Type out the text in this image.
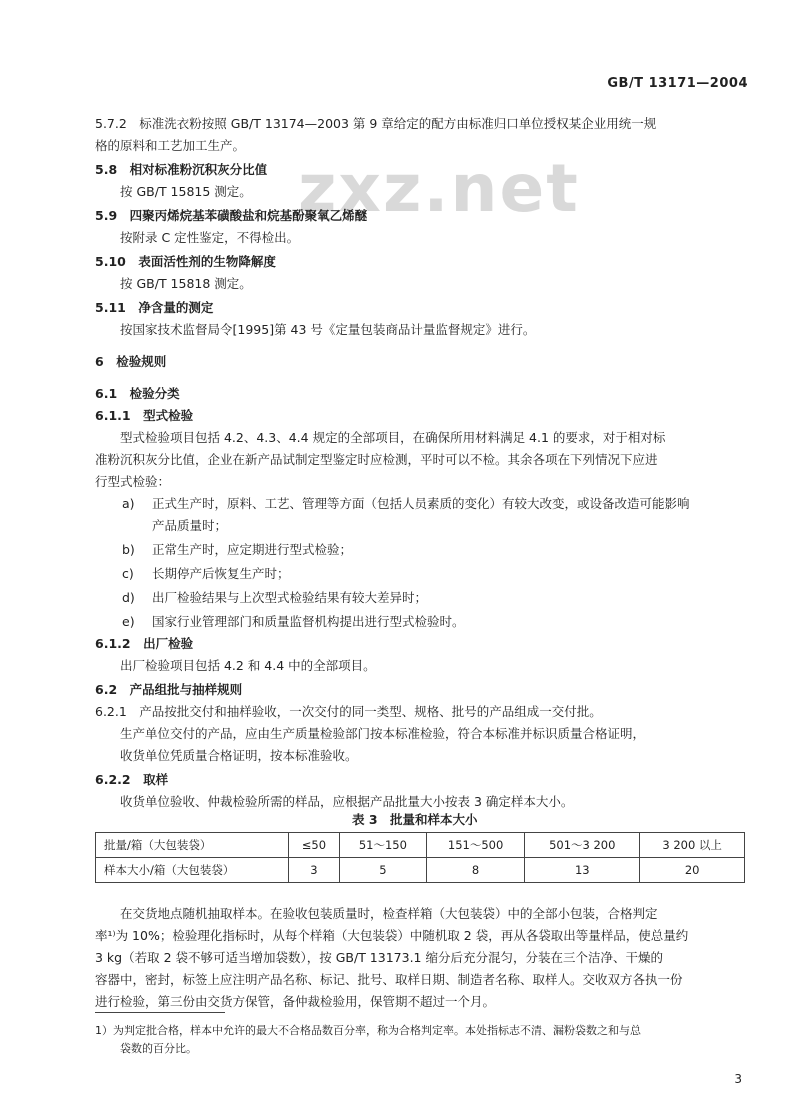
GB/T 13171—2004
zxz.net
5.7.2　标准洗衣粉按照 GB/T 13174—2003 第 9 章给定的配方由标准归口单位授权某企业用统一规
格的原料和工艺加工生产。
5.8　相对标准粉沉积灰分比值
按 GB/T 15815 测定。
5.9　四聚丙烯烷基苯磺酸盐和烷基酚聚氧乙烯醚
按附录 C 定性鉴定，不得检出。
5.10　表面活性剂的生物降解度
按 GB/T 15818 测定。
5.11　净含量的测定
按国家技术监督局令[1995]第 43 号《定量包装商品计量监督规定》进行。
6　检验规则
6.1　检验分类
6.1.1　型式检验
型式检验项目包括 4.2、4.3、4.4 规定的全部项目，在确保所用材料满足 4.1 的要求，对于相对标
准粉沉积灰分比值，企业在新产品试制定型鉴定时应检测，平时可以不检。其余各项在下列情况下应进
行型式检验：
a) 正式生产时，原料、工艺、管理等方面（包括人员素质的变化）有较大改变，或设备改造可能影响
产品质量时；
b) 正常生产时，应定期进行型式检验；
c) 长期停产后恢复生产时；
d) 出厂检验结果与上次型式检验结果有较大差异时；
e) 国家行业管理部门和质量监督机构提出进行型式检验时。
6.1.2　出厂检验
出厂检验项目包括 4.2 和 4.4 中的全部项目。
6.2　产品组批与抽样规则
6.2.1　产品按批交付和抽样验收，一次交付的同一类型、规格、批号的产品组成一交付批。
生产单位交付的产品，应由生产质量检验部门按本标准检验，符合本标准并标识质量合格证明，
收货单位凭质量合格证明，按本标准验收。
6.2.2　取样
收货单位验收、仲裁检验所需的样品，应根据产品批量大小按表 3 确定样本大小。
表 3　批量和样本大小
批量/箱（大包装袋）	≤50	51～150	151～500	501～3 200	3 200 以上
样本大小/箱（大包装袋）	3	5	8	13	20
在交货地点随机抽取样本。在验收包装质量时，检查样箱（大包装袋）中的全部小包装，合格判定
率¹⁾为 10%；检验理化指标时，从每个样箱（大包装袋）中随机取 2 袋，再从各袋取出等量样品，使总量约
3 kg（若取 2 袋不够可适当增加袋数），按 GB/T 13173.1 缩分后充分混匀，分装在三个洁净、干燥的
容器中，密封，标签上应注明产品名称、标记、批号、取样日期、制造者名称、取样人。交收双方各执一份
进行检验，第三份由交货方保管，备仲裁检验用，保管期不超过一个月。
1）为判定批合格，样本中允许的最大不合格品数百分率，称为合格判定率。本处指标志不清、漏粉袋数之和与总
袋数的百分比。
3
